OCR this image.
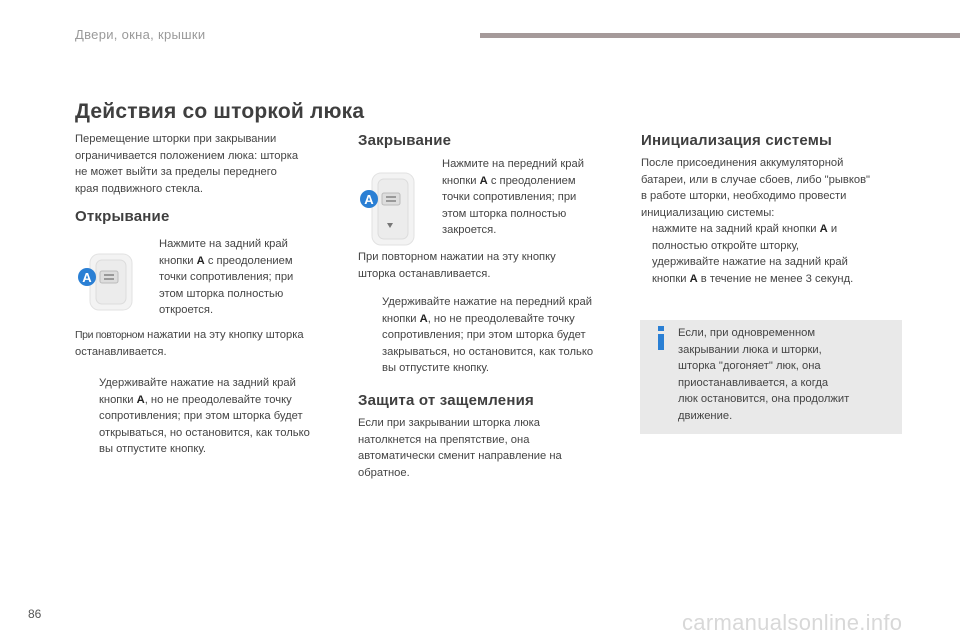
Двери, окна, крышки
Действия со шторкой люка

Перемещение шторки при закрывании

ограничивается положением люка: шторка

не может выйти за пределы переднего

края подвижного стекла.

Открывание
A
Нажмите на задний край
кнопки A с преодолением
точки сопротивления; при
этом шторка полностью
откроется.
При повторном нажатии на эту кнопку шторка
останавливается.
Удерживайте нажатие на задний край
кнопки A, но не преодолевайте точку
сопротивления; при этом шторка будет
открываться, но остановится, как только
вы отпустите кнопку.
Закрывание
A
Нажмите на передний край
кнопки A с преодолением
точки сопротивления; при
этом шторка полностью
закроется.
При повторном нажатии на эту кнопку
шторка останавливается.
Удерживайте нажатие на передний край
кнопки A, но не преодолевайте точку
сопротивления; при этом шторка будет
закрываться, но остановится, как только
вы отпустите кнопку.
Защита от защемления
Если при закрывании шторка люка
натолкнется на препятствие, она
автоматически сменит направление на
обратное.
Инициализация системы
После присоединения аккумуляторной
батареи, или в случае сбоев, либо "рывков"
в работе шторки, необходимо провести
инициализацию системы:
нажмите на задний край кнопки A и
полностью откройте шторку,
удерживайте нажатие на задний край
кнопки A в течение не менее 3 секунд.
Если, при одновременном
закрывании люка и шторки,
шторка "догоняет" люк, она
приостанавливается, а когда
люк остановится, она продолжит
движение.
86	carmanualsonline.info
